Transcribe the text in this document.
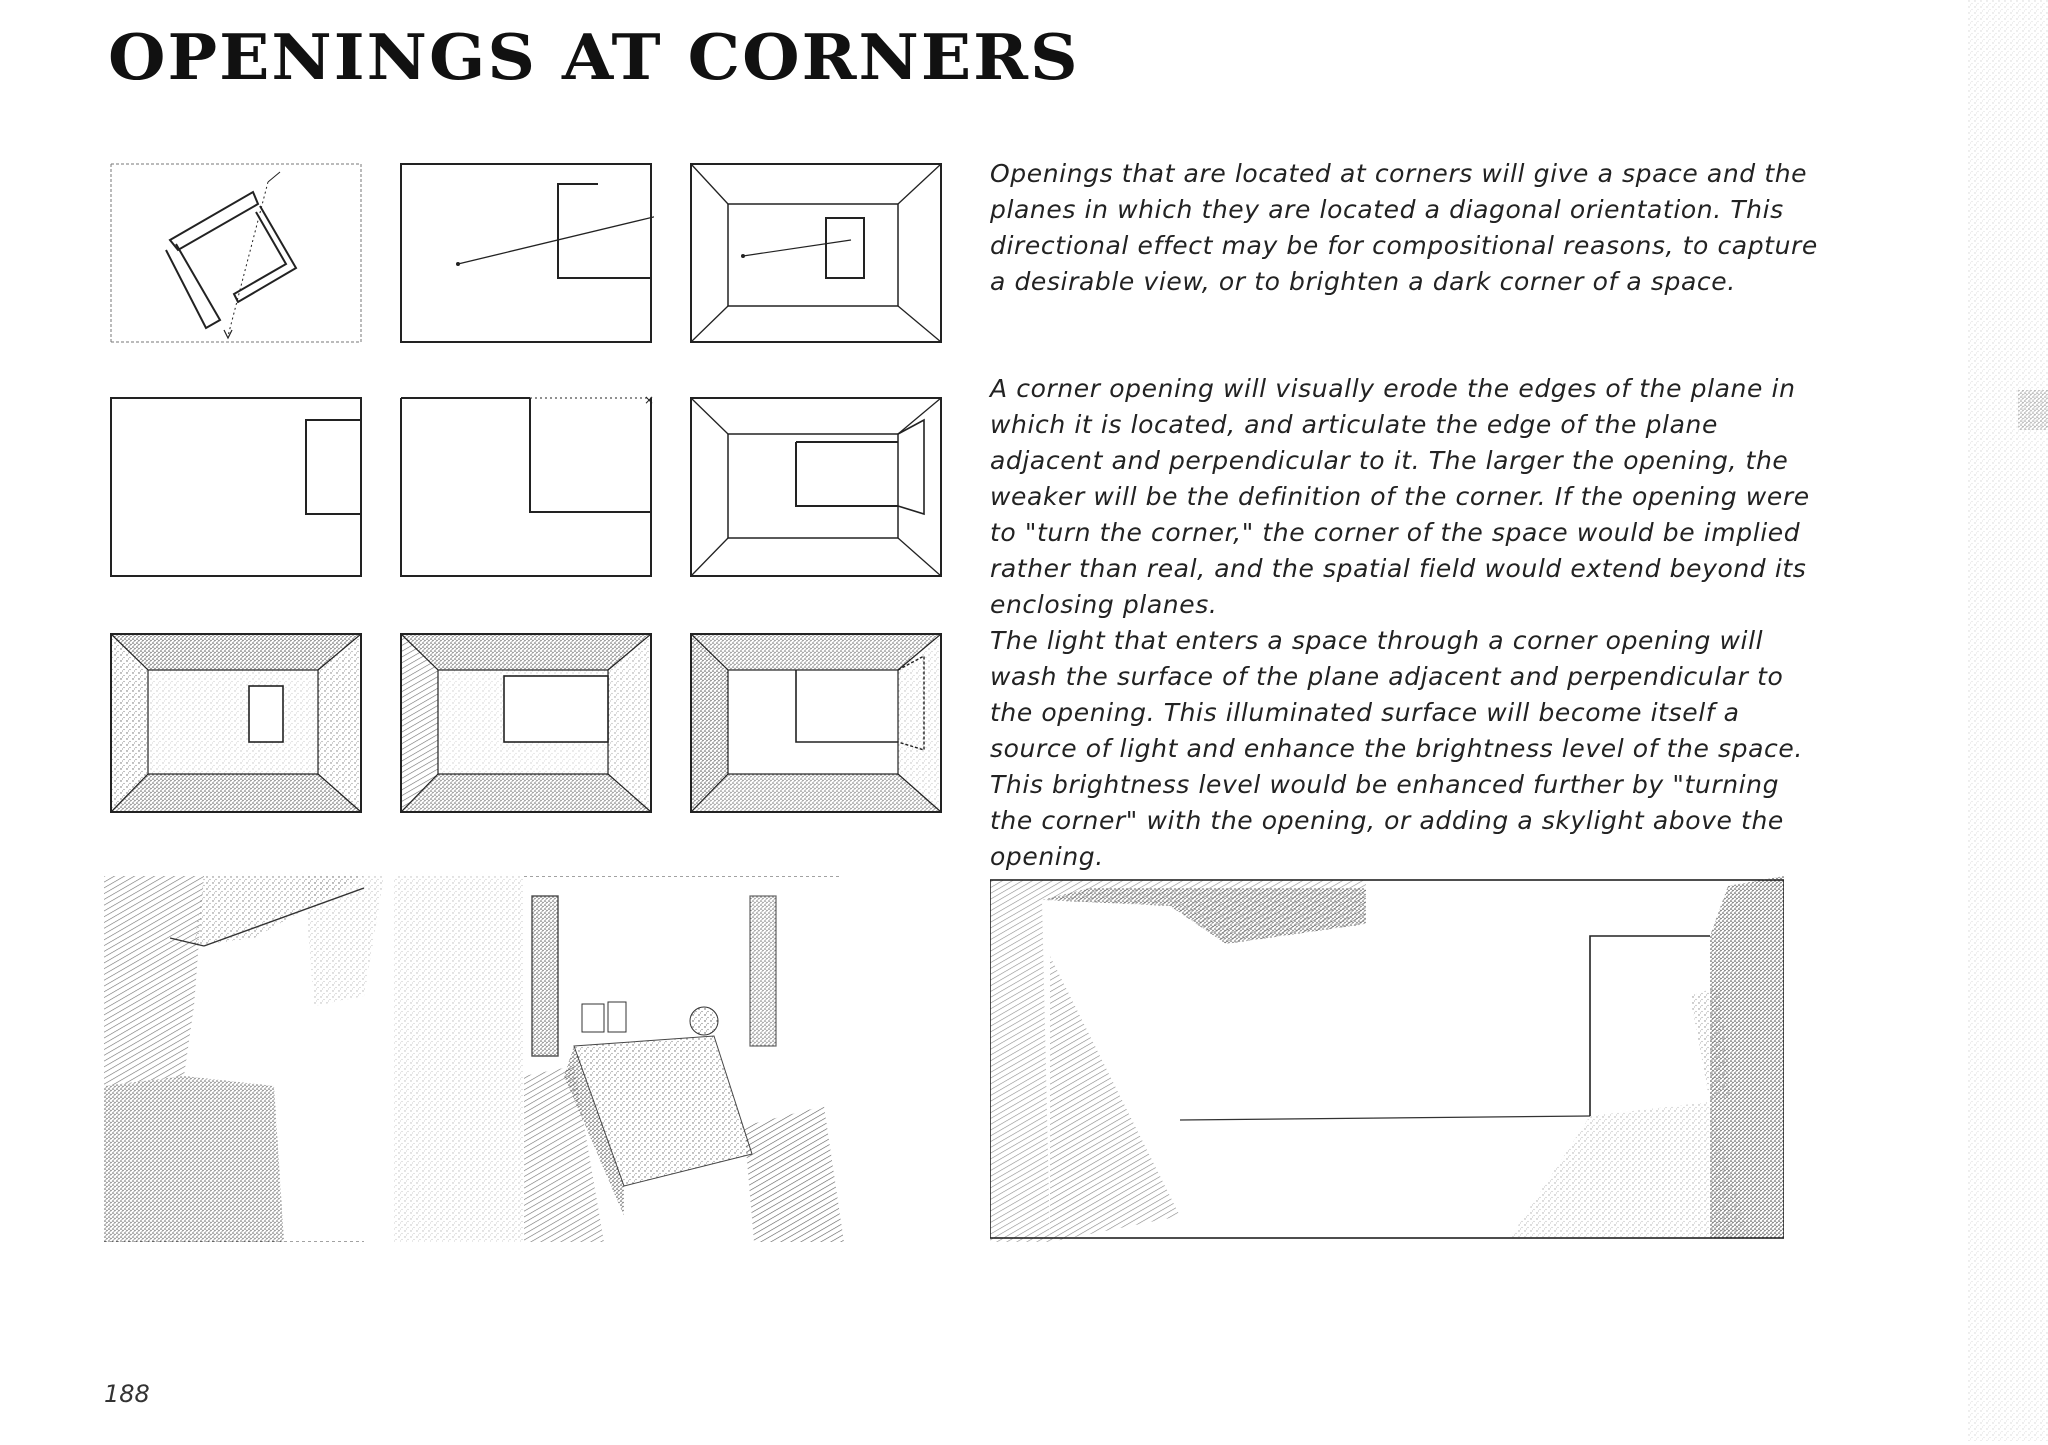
OPENINGS AT CORNERS

Openings that are located at corners will give a space and the planes in which they are located a diagonal orientation. This directional effect may be for compositional reasons, to capture a desirable view, or to brighten a dark corner of a space.

A corner opening will visually erode the edges of the plane in which it is located, and articulate the edge of the plane adjacent and perpendicular to it. The larger the opening, the weaker will be the definition of the corner. If the opening were to "turn the corner," the corner of the space would be implied rather than real, and the spatial field would extend beyond its enclosing planes.

The light that enters a space through a corner opening will wash the surface of the plane adjacent and perpendicular to the opening. This illuminated surface will become itself a source of light and enhance the brightness level of the space. This brightness level would be enhanced further by "turning the corner" with the opening, or adding a skylight above the opening.

×
188
